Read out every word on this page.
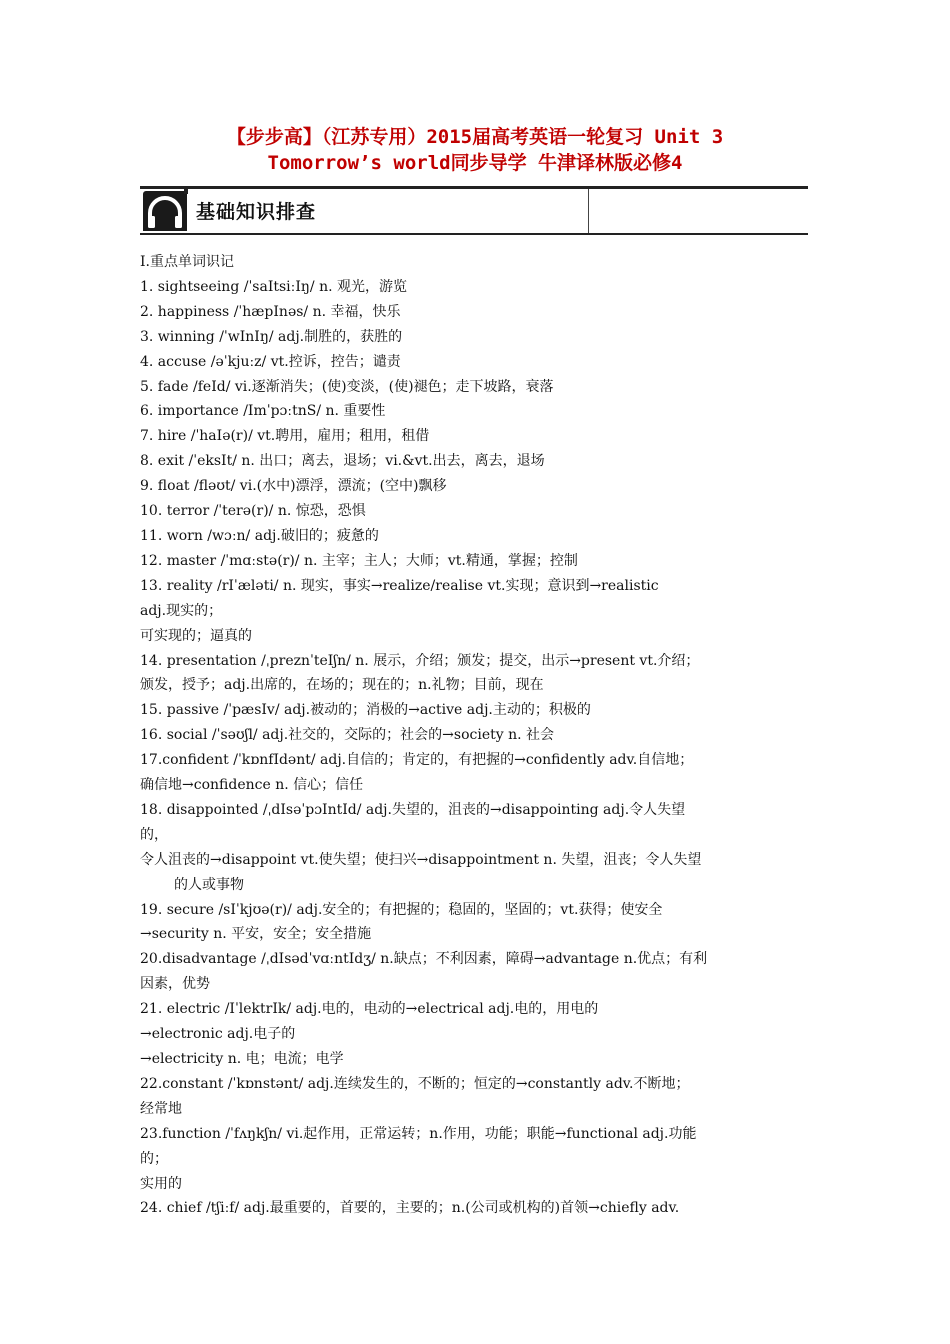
【步步高】（江苏专用）2015届高考英语一轮复习 Unit 3
Tomorrow’s world同步导学 牛津译林版必修4
基础知识排查
Ⅰ.重点单词识记
1. sightseeing /ˈsaItsiːIŋ/ n. 观光，游览
2. happiness /ˈhæpInəs/ n. 幸福，快乐
3. winning /ˈwInIŋ/ adj.制胜的，获胜的
4. accuse /əˈkjuːz/ vt.控诉，控告；谴责
5. fade /feId/ vi.逐渐消失；(使)变淡，(使)褪色；走下坡路，衰落
6. importance /ImˈpɔːtnS/ n. 重要性
7. hire /ˈhaIə(r)/ vt.聘用，雇用；租用，租借
8. exit /ˈeksIt/ n. 出口；离去，退场；vi.&vt.出去，离去，退场
9. float /fləʊt/ vi.(水中)漂浮，漂流；(空中)飘移
10. terror /ˈterə(r)/ n. 惊恐，恐惧
11. worn /wɔːn/ adj.破旧的；疲惫的
12. master /ˈmɑːstə(r)/ n. 主宰；主人；大师；vt.精通，掌握；控制
13. reality /rIˈæləti/ n. 现实，事实→realize/realise vt.实现；意识到→realistic
adj.现实的；
可实现的；逼真的
14. presentation /ˌpreznˈteIʃn/ n. 展示，介绍；颁发；提交，出示→present vt.介绍；
颁发，授予；adj.出席的，在场的；现在的；n.礼物；目前，现在
15. passive /ˈpæsIv/ adj.被动的；消极的→active adj.主动的；积极的
16. social /ˈsəʊʃl/ adj.社交的，交际的；社会的→society n. 社会
17.confident /ˈkɒnfIdənt/ adj.自信的；肯定的，有把握的→confidently adv.自信地；
确信地→confidence n. 信心；信任
18. disappointed /ˌdIsəˈpɔIntId/ adj.失望的，沮丧的→disappointing adj.令人失望
的，
令人沮丧的→disappoint vt.使失望；使扫兴→disappointment n. 失望，沮丧；令人失望
的人或事物
19. secure /sIˈkjʊə(r)/ adj.安全的；有把握的；稳固的，坚固的；vt.获得；使安全
→security n. 平安，安全；安全措施
20.disadvantage /ˌdIsədˈvɑːntIdʒ/ n.缺点；不利因素，障碍→advantage n.优点；有利
因素，优势
21. electric /IˈlektrIk/ adj.电的，电动的→electrical adj.电的，用电的
→electronic adj.电子的
→electricity n. 电；电流；电学
22.constant /ˈkɒnstənt/ adj.连续发生的，不断的；恒定的→constantly adv.不断地；
经常地
23.function /ˈfʌŋkʃn/ vi.起作用，正常运转；n.作用，功能；职能→functional adj.功能
的；
实用的
24. chief /tʃiːf/ adj.最重要的，首要的，主要的；n.(公司或机构的)首领→chiefly adv.
